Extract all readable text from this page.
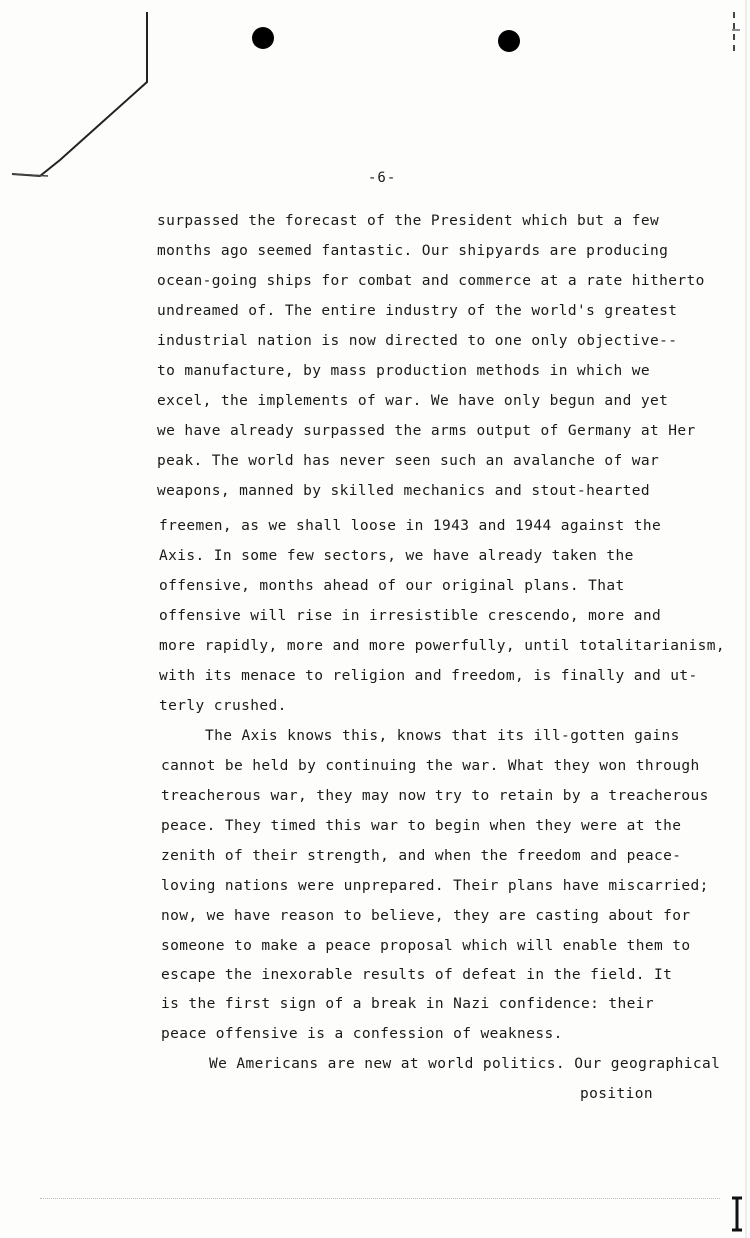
-6-
surpassed the forecast of the President which but a few
months ago seemed fantastic. Our shipyards are producing
ocean-going ships for combat and commerce at a rate hitherto
undreamed of. The entire industry of the world's greatest
industrial nation is now directed to one only objective--
to manufacture, by mass production methods in which we
excel, the implements of war. We have only begun and yet
we have already surpassed the arms output of Germany at Her
peak. The world has never seen such an avalanche of war
weapons, manned by skilled mechanics and stout-hearted
freemen, as we shall loose in 1943 and 1944 against the
Axis. In some few sectors, we have already taken the
offensive, months ahead of our original plans. That
offensive will rise in irresistible crescendo, more and
more rapidly, more and more powerfully, until totalitarianism,
with its menace to religion and freedom, is finally and ut-
terly crushed.
The Axis knows this, knows that its ill-gotten gains
cannot be held by continuing the war. What they won through
treacherous war, they may now try to retain by a treacherous
peace. They timed this war to begin when they were at the
zenith of their strength, and when the freedom and peace-
loving nations were unprepared. Their plans have miscarried;
now, we have reason to believe, they are casting about for
someone to make a peace proposal which will enable them to
escape the inexorable results of defeat in the field. It
is the first sign of a break in Nazi confidence: their
peace offensive is a confession of weakness.
We Americans are new at world politics. Our geographical
position
